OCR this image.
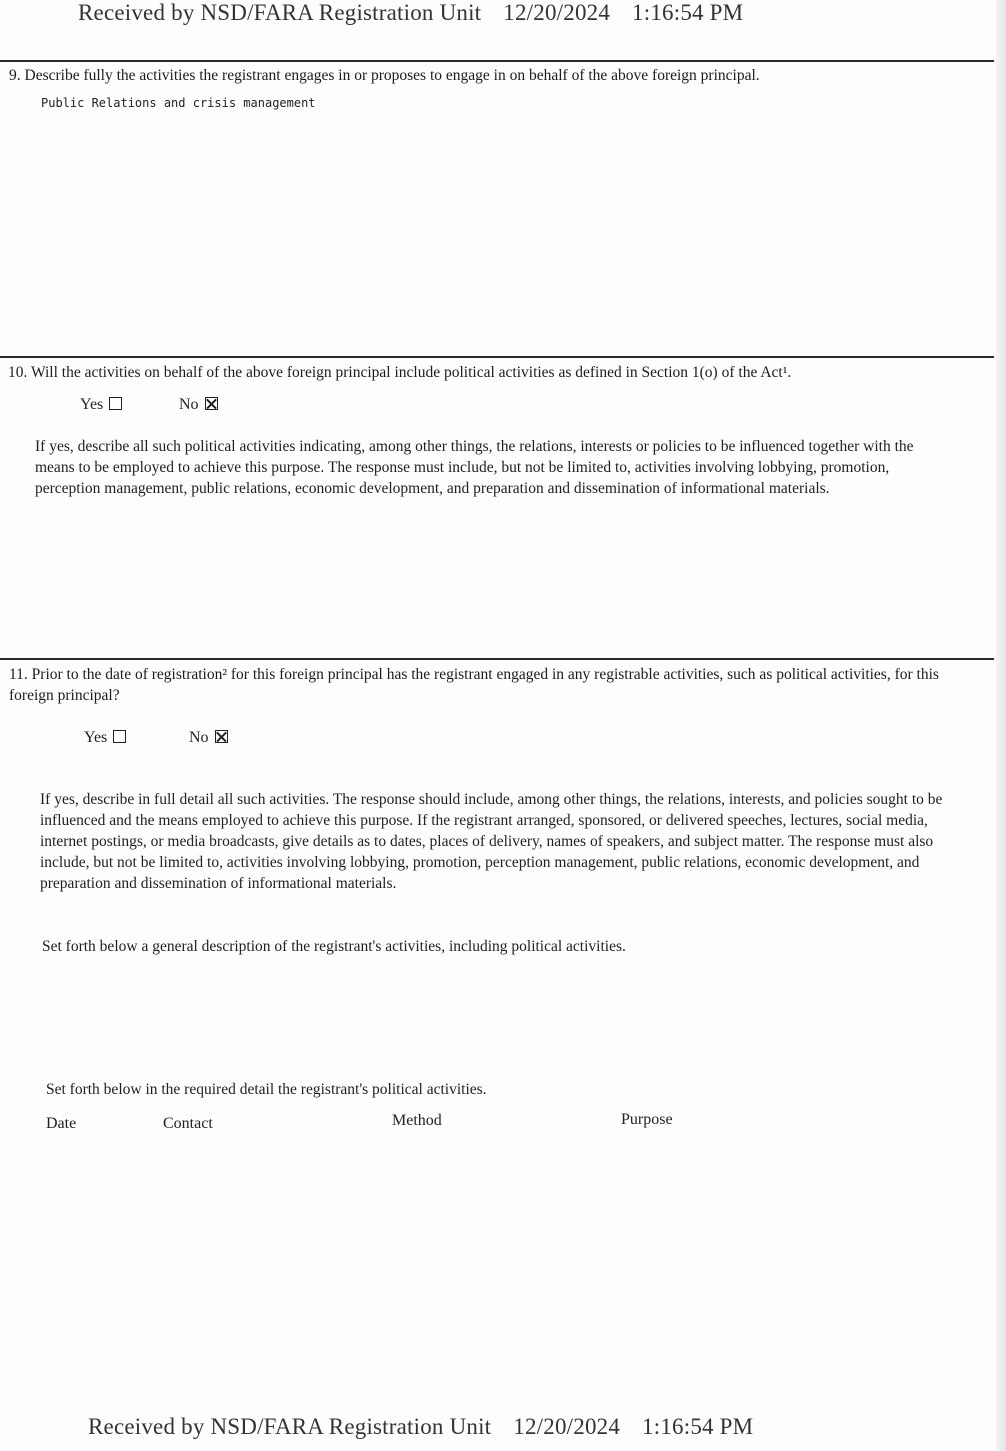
Received by NSD/FARA Registration Unit 12/20/2024 1:16:54 PM
9. Describe fully the activities the registrant engages in or proposes to engage in on behalf of the above foreign principal.
Public Relations and crisis management
10. Will the activities on behalf of the above foreign principal include political activities as defined in Section 1(o) of the Act¹.
Yes	No
If yes, describe all such political activities indicating, among other things, the relations, interests or policies to be influenced together with the means to be employed to achieve this purpose. The response must include, but not be limited to, activities involving lobbying, promotion, perception management, public relations, economic development, and preparation and dissemination of informational materials.
11. Prior to the date of registration² for this foreign principal has the registrant engaged in any registrable activities, such as political activities, for this foreign principal?
Yes	No
If yes, describe in full detail all such activities. The response should include, among other things, the relations, interests, and policies sought to be influenced and the means employed to achieve this purpose. If the registrant arranged, sponsored, or delivered speeches, lectures, social media, internet postings, or media broadcasts, give details as to dates, places of delivery, names of speakers, and subject matter. The response must also include, but not be limited to, activities involving lobbying, promotion, perception management, public relations, economic development, and preparation and dissemination of informational materials.
Set forth below a general description of the registrant's activities, including political activities.
Set forth below in the required detail the registrant's political activities.
Date	Contact	Method	Purpose
Received by NSD/FARA Registration Unit 12/20/2024 1:16:54 PM
